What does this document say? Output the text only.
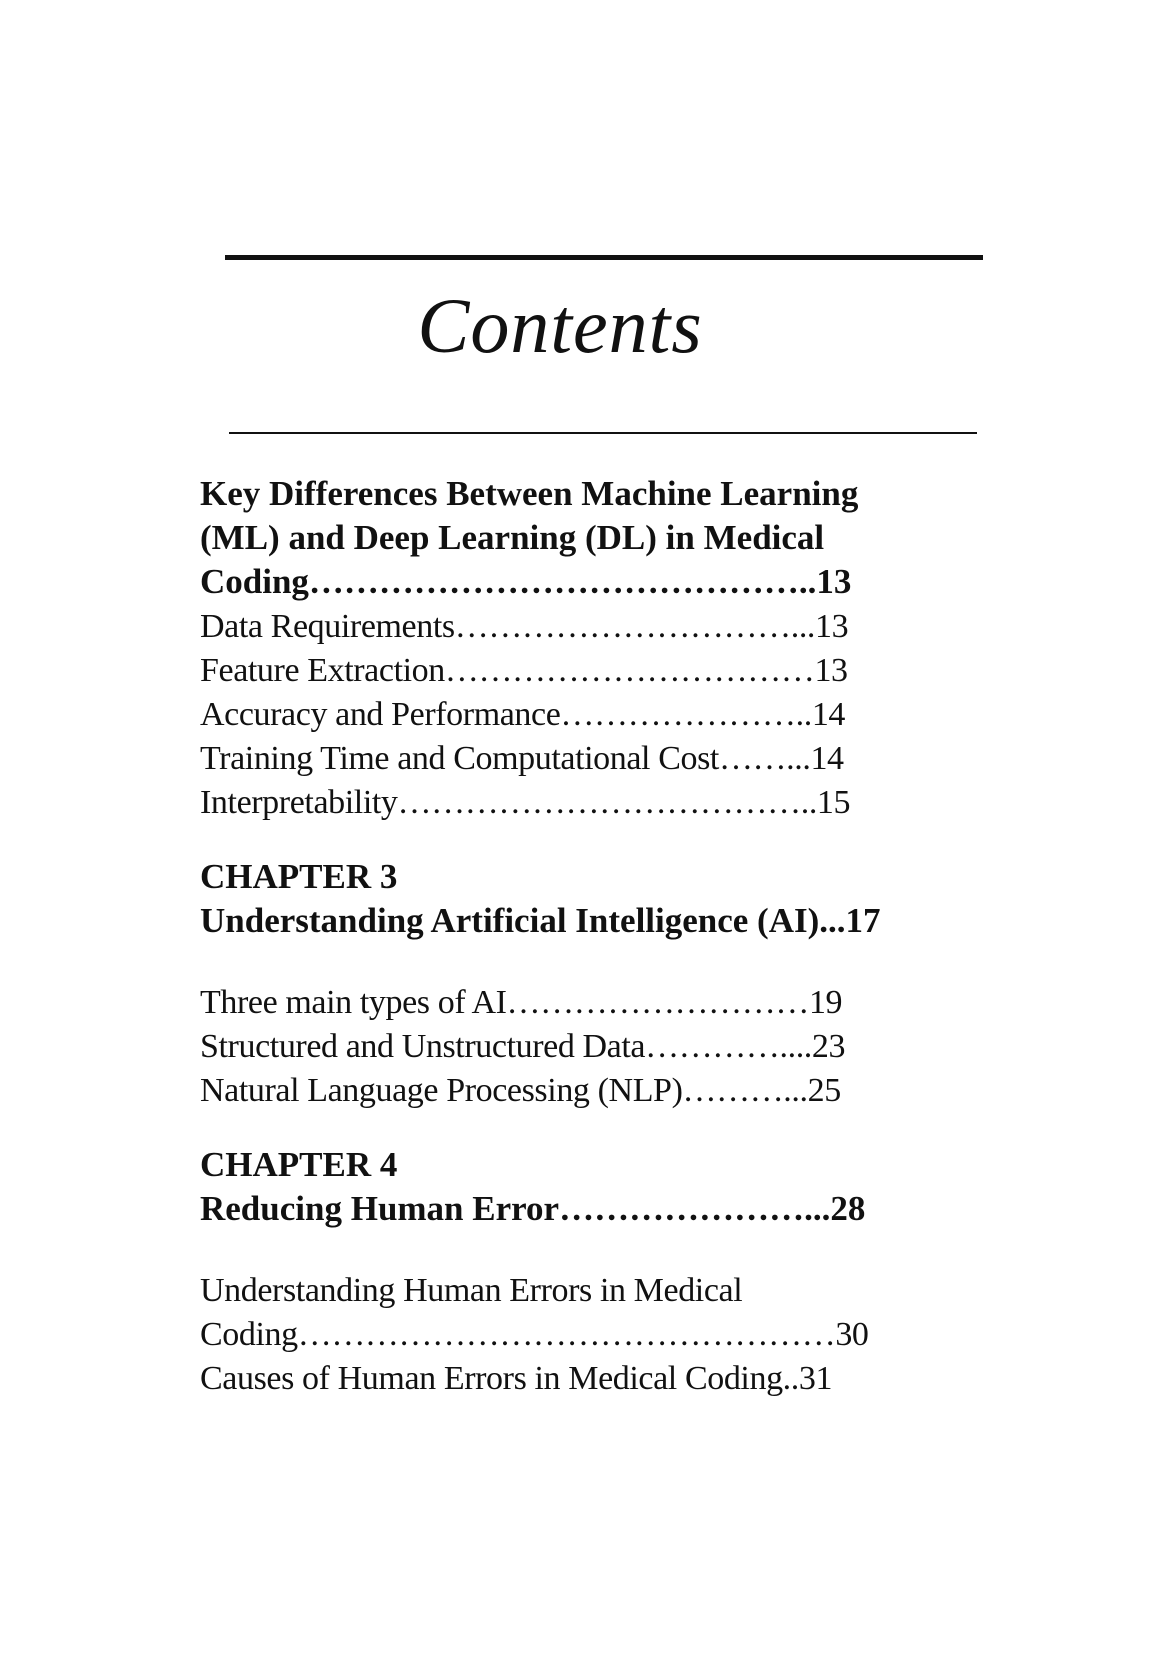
Contents
Key Differences Between Machine Learning
(ML) and Deep Learning (DL) in Medical
Coding……………………………………..13
Data Requirements…………………………...13
Feature Extraction……………………………13
Accuracy and Performance…………………..14
Training Time and Computational Cost……...14
Interpretability………………………………..15
CHAPTER 3
Understanding Artificial Intelligence (AI)...17
Three main types of AI………………………19
Structured and Unstructured Data…………....23
Natural Language Processing (NLP)………...25
CHAPTER 4
Reducing Human Error…………………...28
Understanding Human Errors in Medical
Coding…………………………………………30
Causes of Human Errors in Medical Coding..31
